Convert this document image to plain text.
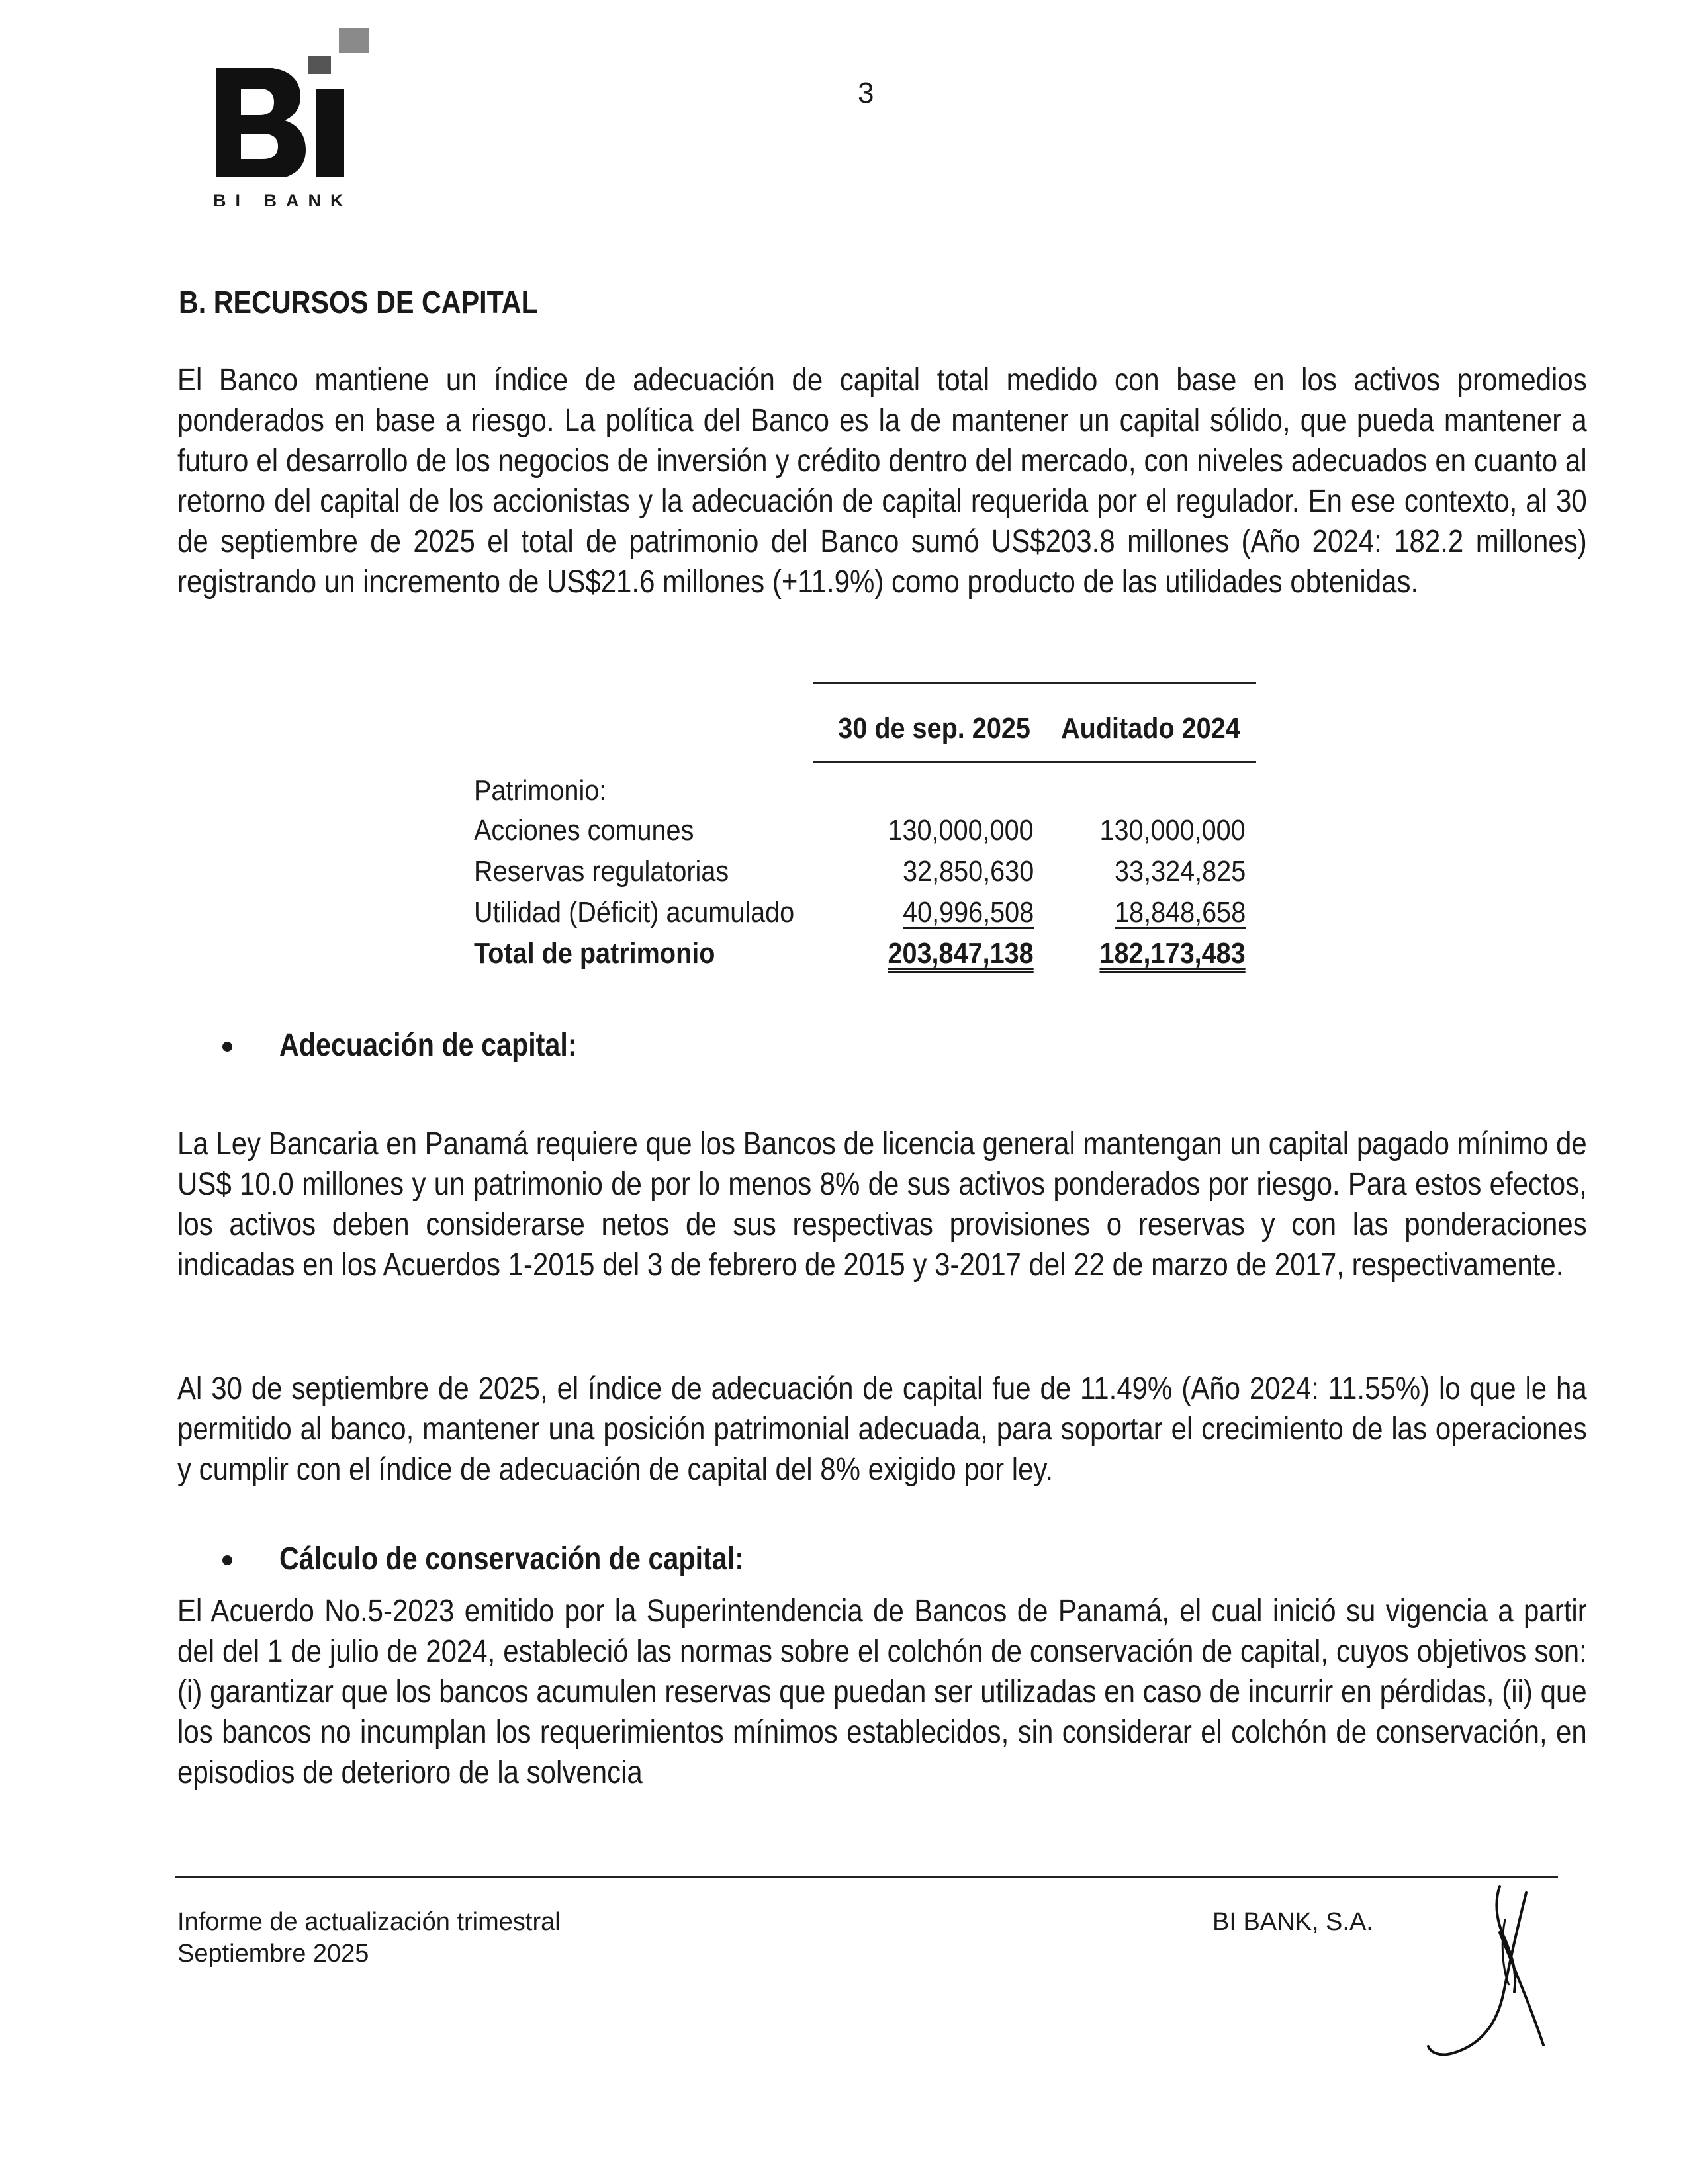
BI BANK
3
B. RECURSOS DE CAPITAL

El Banco mantiene un índice de adecuación de capital total medido con base en los activos promedios ponderados en base a riesgo. La política del Banco es la de mantener un capital sólido, que pueda mantener a futuro el desarrollo de los negocios de inversión y crédito dentro del mercado, con niveles adecuados en cuanto al retorno del capital de los accionistas y la adecuación de capital requerida por el regulador. En ese contexto, al 30 de septiembre de 2025 el total de patrimonio del Banco sumó US$203.8 millones (Año 2024: 182.2 millones) registrando un incremento de US$21.6 millones (+11.9%) como producto de las utilidades obtenidas.

30 de sep. 2025 Auditado 2024
Patrimonio:
Acciones comunes	130,000,000 130,000,000
Reservas regulatorias	32,850,630	33,324,825
Utilidad (Déficit) acumulado	40,996,508	18,848,658
Total de patrimonio	203,847,138 182,173,483
Adecuación de capital:

La Ley Bancaria en Panamá requiere que los Bancos de licencia general mantengan un capital pagado mínimo de US$ 10.0 millones y un patrimonio de por lo menos 8% de sus activos ponderados por riesgo. Para estos efectos, los activos deben considerarse netos de sus respectivas provisiones o reservas y con las ponderaciones indicadas en los Acuerdos 1-2015 del 3 de febrero de 2015 y 3-2017 del 22 de marzo de 2017, respectivamente.

Al 30 de septiembre de 2025, el índice de adecuación de capital fue de 11.49% (Año 2024: 11.55%) lo que le ha permitido al banco, mantener una posición patrimonial adecuada, para soportar el crecimiento de las operaciones y cumplir con el índice de adecuación de capital del 8% exigido por ley.

Cálculo de conservación de capital:

El Acuerdo No.5-2023 emitido por la Superintendencia de Bancos de Panamá, el cual inició su vigencia a partir del del 1 de julio de 2024, estableció las normas sobre el colchón de conservación de capital, cuyos objetivos son: (i) garantizar que los bancos acumulen reservas que puedan ser utilizadas en caso de incurrir en pérdidas, (ii) que los bancos no incumplan los requerimientos mínimos establecidos, sin considerar el colchón de conservación, en episodios de deterioro de la solvencia

Informe de actualización trimestral
Septiembre 2025
BI BANK, S.A.
